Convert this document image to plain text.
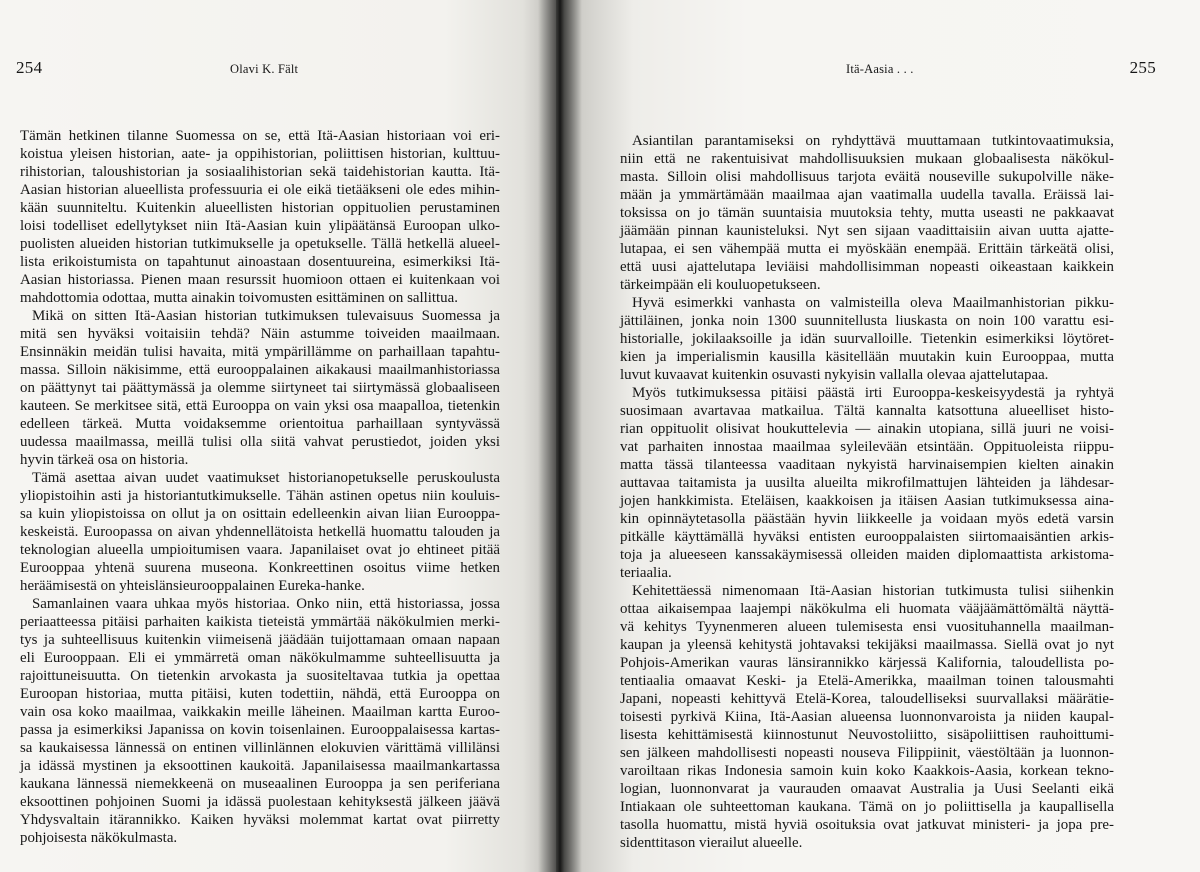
254	Olavi K. Fält
Tämän hetkinen tilanne Suomessa on se, että Itä-Aasian historiaan voi eri-
koistua yleisen historian, aate- ja oppihistorian, poliittisen historian, kulttuu-
rihistorian, taloushistorian ja sosiaalihistorian sekä taidehistorian kautta. Itä-
Aasian historian alueellista professuuria ei ole eikä tietääkseni ole edes mihin-
kään suunniteltu. Kuitenkin alueellisten historian oppituolien perustaminen
loisi todelliset edellytykset niin Itä-Aasian kuin ylipäätänsä Euroopan ulko-
puolisten alueiden historian tutkimukselle ja opetukselle. Tällä hetkellä alueel-
lista erikoistumista on tapahtunut ainoastaan dosentuureina, esimerkiksi Itä-
Aasian historiassa. Pienen maan resurssit huomioon ottaen ei kuitenkaan voi
mahdottomia odottaa, mutta ainakin toivomusten esittäminen on sallittua.
Mikä on sitten Itä-Aasian historian tutkimuksen tulevaisuus Suomessa ja
mitä sen hyväksi voitaisiin tehdä? Näin astumme toiveiden maailmaan.
Ensinnäkin meidän tulisi havaita, mitä ympärillämme on parhaillaan tapahtu-
massa. Silloin näkisimme, että eurooppalainen aikakausi maailmanhistoriassa
on päättynyt tai päättymässä ja olemme siirtyneet tai siirtymässä globaaliseen
kauteen. Se merkitsee sitä, että Eurooppa on vain yksi osa maapalloa, tietenkin
edelleen tärkeä. Mutta voidaksemme orientoitua parhaillaan syntyvässä
uudessa maailmassa, meillä tulisi olla siitä vahvat perustiedot, joiden yksi
hyvin tärkeä osa on historia.
Tämä asettaa aivan uudet vaatimukset historianopetukselle peruskoulusta
yliopistoihin asti ja historiantutkimukselle. Tähän astinen opetus niin kouluis-
sa kuin yliopistoissa on ollut ja on osittain edelleenkin aivan liian Eurooppa-
keskeistä. Euroopassa on aivan yhdennellätoista hetkellä huomattu talouden ja
teknologian alueella umpioitumisen vaara. Japanilaiset ovat jo ehtineet pitää
Eurooppaa yhtenä suurena museona. Konkreettinen osoitus viime hetken
heräämisestä on yhteislänsieurooppalainen Eureka-hanke.
Samanlainen vaara uhkaa myös historiaa. Onko niin, että historiassa, jossa
periaatteessa pitäisi parhaiten kaikista tieteistä ymmärtää näkökulmien merki-
tys ja suhteellisuus kuitenkin viimeisenä jäädään tuijottamaan omaan napaan
eli Eurooppaan. Eli ei ymmärretä oman näkökulmamme suhteellisuutta ja
rajoittuneisuutta. On tietenkin arvokasta ja suositeltavaa tutkia ja opettaa
Euroopan historiaa, mutta pitäisi, kuten todettiin, nähdä, että Eurooppa on
vain osa koko maailmaa, vaikkakin meille läheinen. Maailman kartta Euroo-
passa ja esimerkiksi Japanissa on kovin toisenlainen. Eurooppalaisessa kartas-
sa kaukaisessa lännessä on entinen villinlännen elokuvien värittämä villilänsi
ja idässä mystinen ja eksoottinen kaukoitä. Japanilaisessa maailmankartassa
kaukana lännessä niemekkeenä on museaalinen Eurooppa ja sen periferiana
eksoottinen pohjoinen Suomi ja idässä puolestaan kehityksestä jälkeen jäävä
Yhdysvaltain itärannikko. Kaiken hyväksi molemmat kartat ovat piirretty
pohjoisesta näkökulmasta.
Itä-Aasia . . .	255
Asiantilan parantamiseksi on ryhdyttävä muuttamaan tutkintovaatimuksia,
niin että ne rakentuisivat mahdollisuuksien mukaan globaalisesta näkökul-
masta. Silloin olisi mahdollisuus tarjota eväitä nouseville sukupolville näke-
mään ja ymmärtämään maailmaa ajan vaatimalla uudella tavalla. Eräissä lai-
toksissa on jo tämän suuntaisia muutoksia tehty, mutta useasti ne pakkaavat
jäämään pinnan kaunisteluksi. Nyt sen sijaan vaadittaisiin aivan uutta ajatte-
lutapaa, ei sen vähempää mutta ei myöskään enempää. Erittäin tärkeätä olisi,
että uusi ajattelutapa leviäisi mahdollisimman nopeasti oikeastaan kaikkein
tärkeimpään eli kouluopetukseen.
Hyvä esimerkki vanhasta on valmisteilla oleva Maailmanhistorian pikku-
jättiläinen, jonka noin 1300 suunnitellusta liuskasta on noin 100 varattu esi-
historialle, jokilaaksoille ja idän suurvalloille. Tietenkin esimerkiksi löytöret-
kien ja imperialismin kausilla käsitellään muutakin kuin Eurooppaa, mutta
luvut kuvaavat kuitenkin osuvasti nykyisin vallalla olevaa ajattelutapaa.
Myös tutkimuksessa pitäisi päästä irti Eurooppa-keskeisyydestä ja ryhtyä
suosimaan avartavaa matkailua. Tältä kannalta katsottuna alueelliset histo-
rian oppituolit olisivat houkuttelevia — ainakin utopiana, sillä juuri ne voisi-
vat parhaiten innostaa maailmaa syleilevään etsintään. Oppituoleista riippu-
matta tässä tilanteessa vaaditaan nykyistä harvinaisempien kielten ainakin
auttavaa taitamista ja uusilta alueilta mikrofilmattujen lähteiden ja lähdesar-
jojen hankkimista. Eteläisen, kaakkoisen ja itäisen Aasian tutkimuksessa aina-
kin opinnäytetasolla päästään hyvin liikkeelle ja voidaan myös edetä varsin
pitkälle käyttämällä hyväksi entisten eurooppalaisten siirtomaaisäntien arkis-
toja ja alueeseen kanssakäymisessä olleiden maiden diplomaattista arkistoma-
teriaalia.
Kehitettäessä nimenomaan Itä-Aasian historian tutkimusta tulisi siihenkin
ottaa aikaisempaa laajempi näkökulma eli huomata vääjäämättömältä näyttä-
vä kehitys Tyynenmeren alueen tulemisesta ensi vuosituhannella maailman-
kaupan ja yleensä kehitystä johtavaksi tekijäksi maailmassa. Siellä ovat jo nyt
Pohjois-Amerikan vauras länsirannikko kärjessä Kalifornia, taloudellista po-
tentiaalia omaavat Keski- ja Etelä-Amerikka, maailman toinen talousmahti
Japani, nopeasti kehittyvä Etelä-Korea, taloudelliseksi suurvallaksi määrätie-
toisesti pyrkivä Kiina, Itä-Aasian alueensa luonnonvaroista ja niiden kaupal-
lisesta kehittämisestä kiinnostunut Neuvostoliitto, sisäpoliittisen rauhoittumi-
sen jälkeen mahdollisesti nopeasti nouseva Filippiinit, väestöltään ja luonnon-
varoiltaan rikas Indonesia samoin kuin koko Kaakkois-Aasia, korkean tekno-
logian, luonnonvarat ja vaurauden omaavat Australia ja Uusi Seelanti eikä
Intiakaan ole suhteettoman kaukana. Tämä on jo poliittisella ja kaupallisella
tasolla huomattu, mistä hyviä osoituksia ovat jatkuvat ministeri- ja jopa pre-
sidenttitason vierailut alueelle.
